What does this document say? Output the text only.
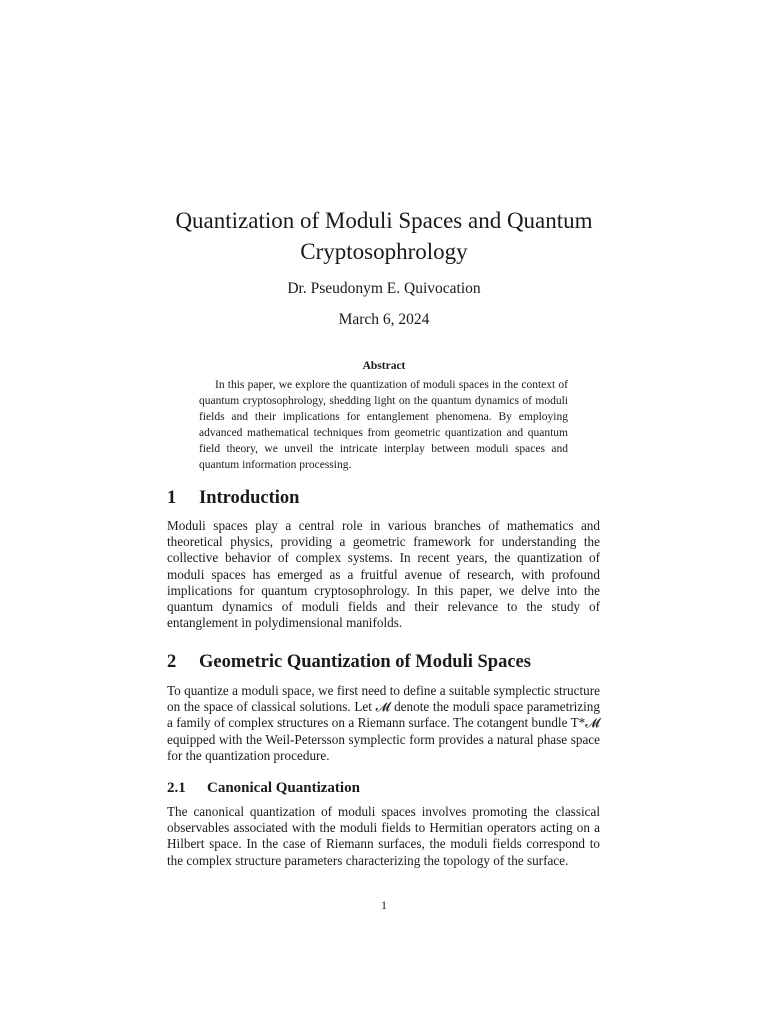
Quantization of Moduli Spaces and Quantum Cryptosophrology
Dr. Pseudonym E. Quivocation
March 6, 2024
Abstract

In this paper, we explore the quantization of moduli spaces in the context of quantum cryptosophrology, shedding light on the quantum dynamics of moduli fields and their implications for entanglement phenomena. By employing advanced mathematical techniques from geometric quantization and quantum field theory, we unveil the intricate interplay between moduli spaces and quantum information processing.

1 Introduction

Moduli spaces play a central role in various branches of mathematics and theoretical physics, providing a geometric framework for understanding the collective behavior of complex systems. In recent years, the quantization of moduli spaces has emerged as a fruitful avenue of research, with profound implications for quantum cryptosophrology. In this paper, we delve into the quantum dynamics of moduli fields and their relevance to the study of entanglement in polydimensional manifolds.

2 Geometric Quantization of Moduli Spaces

To quantize a moduli space, we first need to define a suitable symplectic structure on the space of classical solutions. Let 𝓜 denote the moduli space parametrizing a family of complex structures on a Riemann surface. The cotangent bundle T*𝓜 equipped with the Weil-Petersson symplectic form provides a natural phase space for the quantization procedure.

2.1 Canonical Quantization

The canonical quantization of moduli spaces involves promoting the classical observables associated with the moduli fields to Hermitian operators acting on a Hilbert space. In the case of Riemann surfaces, the moduli fields correspond to the complex structure parameters characterizing the topology of the surface.

1
